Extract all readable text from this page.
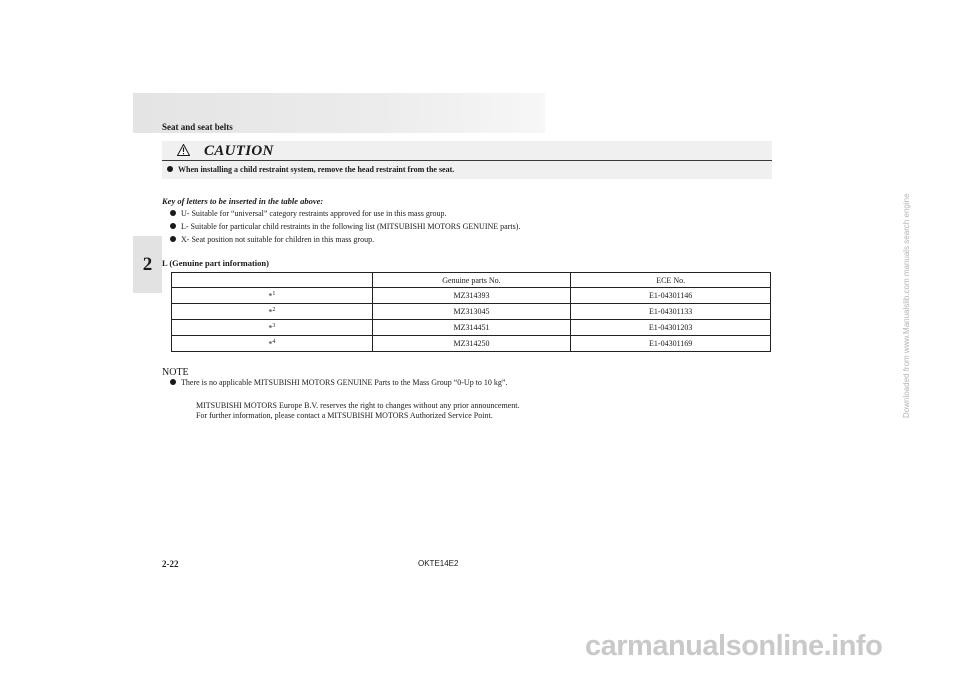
Seat and seat belts
2
CAUTION
When installing a child restraint system, remove the head restraint from the seat.
Key of letters to be inserted in the table above:
U- Suitable for “universal” category restraints approved for use in this mass group.
L- Suitable for particular child restraints in the following list (MITSUBISHI MOTORS GENUINE parts).
X- Seat position not suitable for children in this mass group.
L (Genuine part information)
	Genuine parts No.	ECE No.
*$^1$	MZ314393	E1-04301146
*$^2$	MZ313045	E1-04301133
*$^3$	MZ314451	E1-04301203
*$^4$	MZ314250	E1-04301169
NOTE
There is no applicable MITSUBISHI MOTORS GENUINE Parts to the Mass Group “0-Up to 10 kg”.
MITSUBISHI MOTORS Europe B.V. reserves the right to changes without any prior announcement.
For further information, please contact a MITSUBISHI MOTORS Authorized Service Point.
2-22	OKTE14E2
Downloaded from www.Manualslib.com manuals search engine
carmanualsonline.info
